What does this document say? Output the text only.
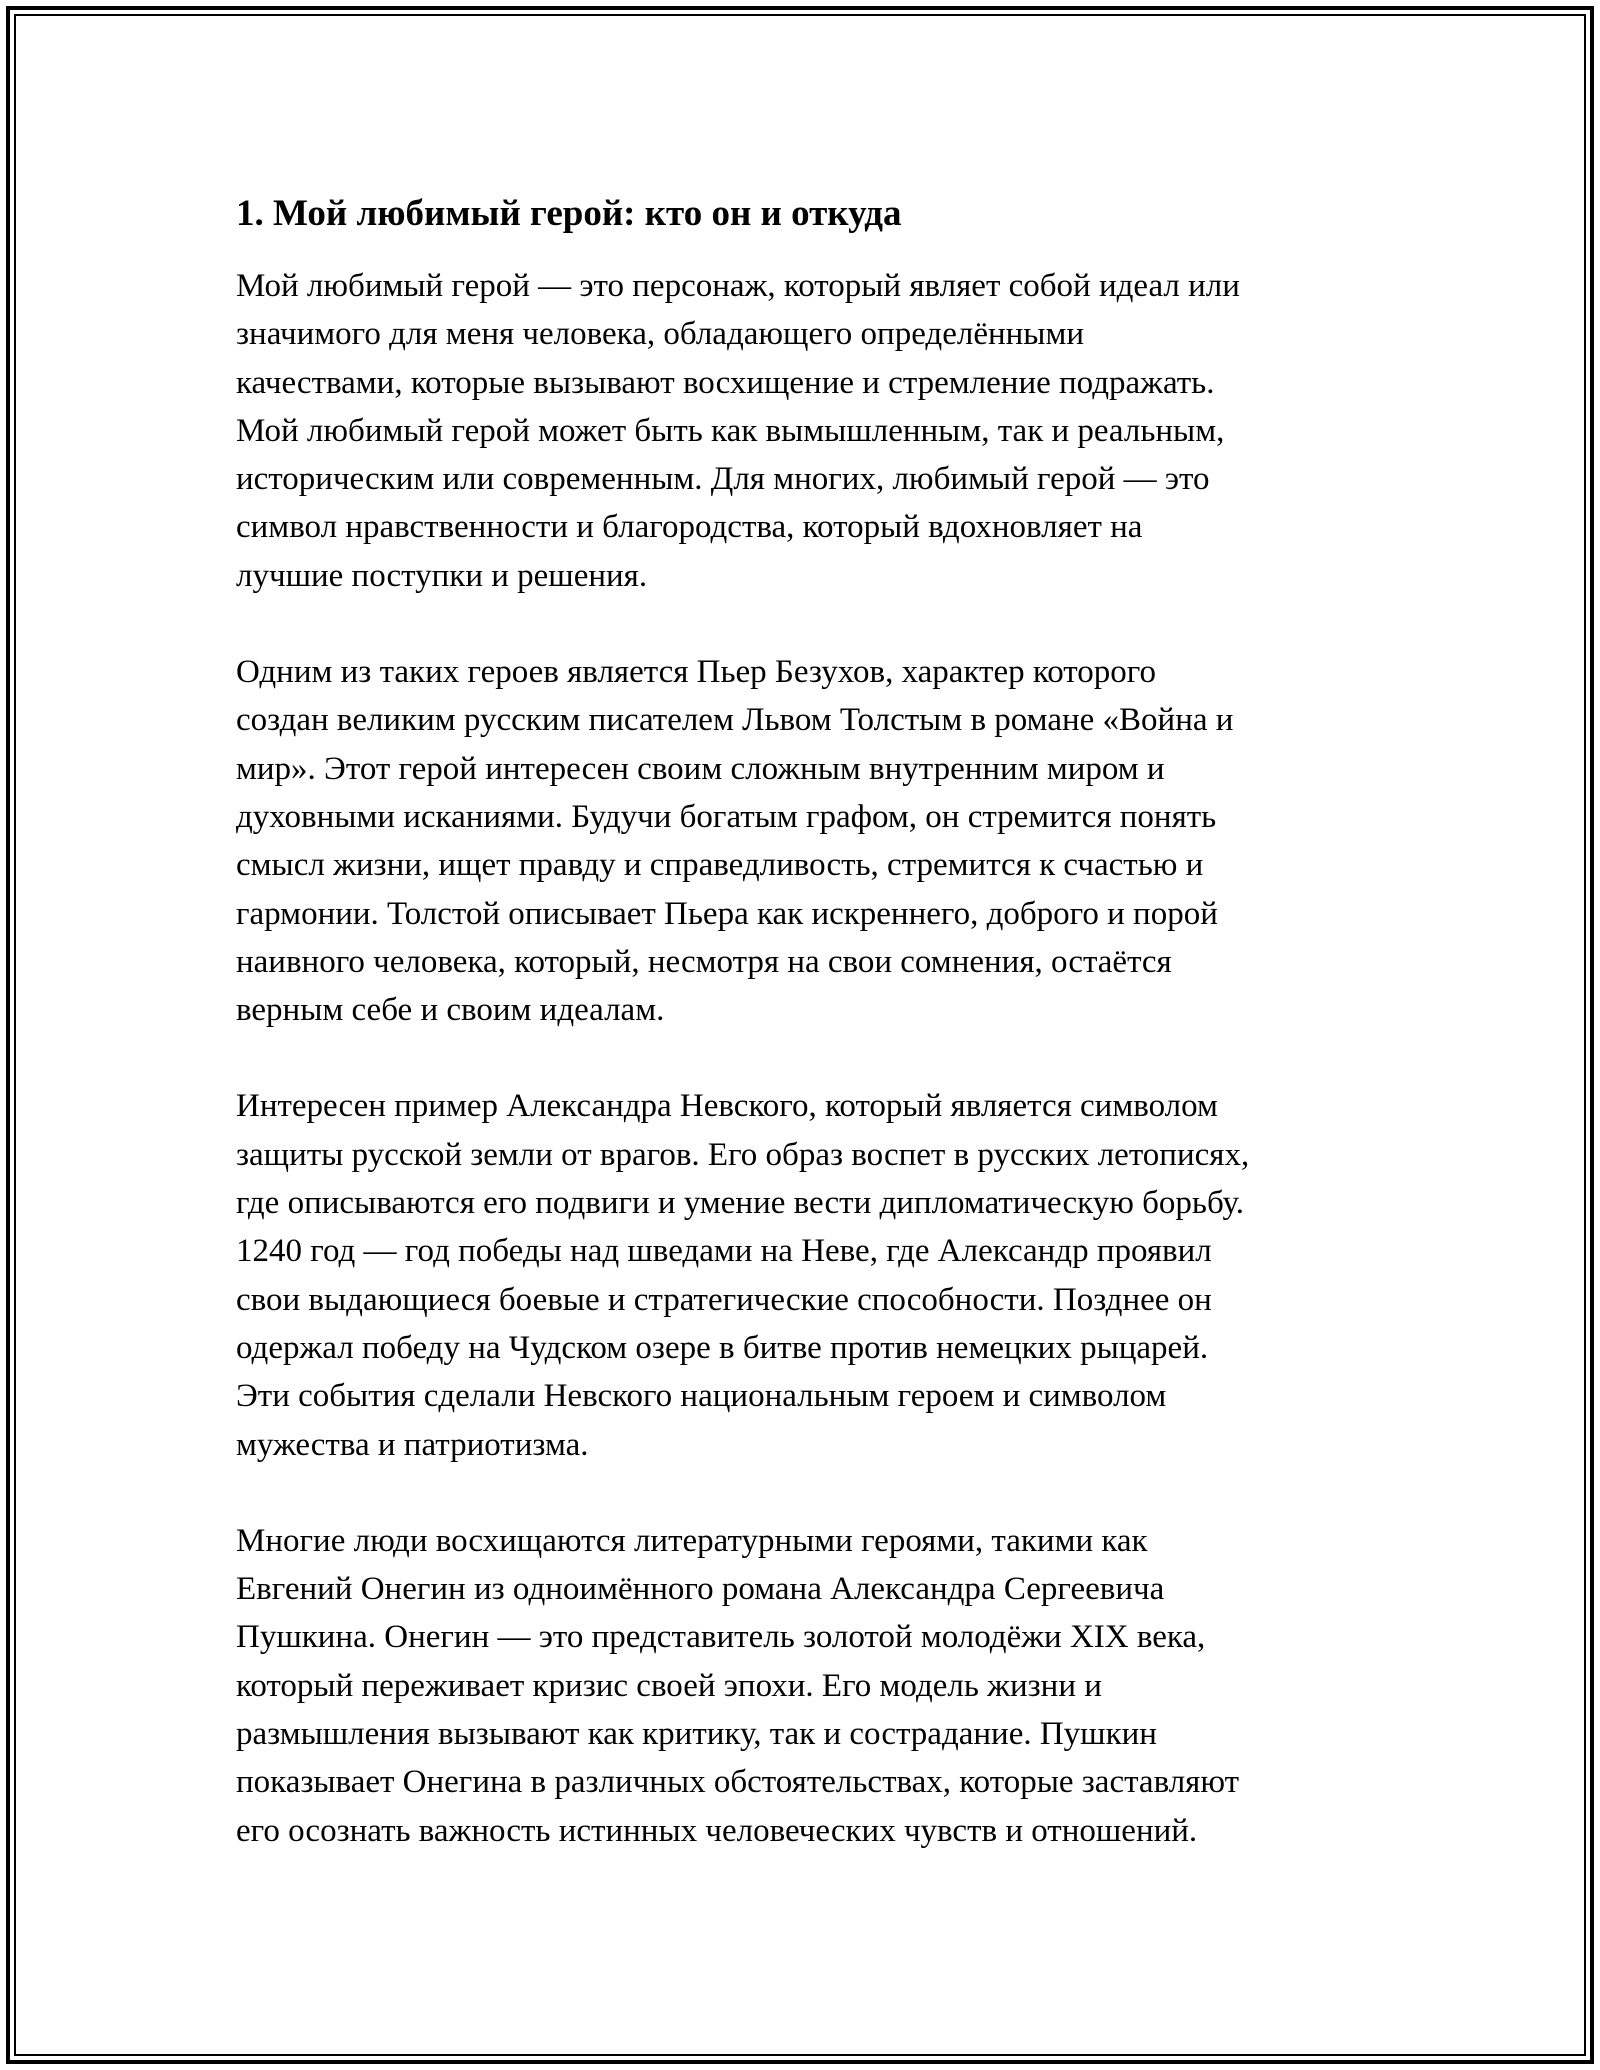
1. Мой любимый герой: кто он и откуда

Мой любимый герой — это персонаж, который являет собой идеал или
значимого для меня человека, обладающего определёнными
качествами, которые вызывают восхищение и стремление подражать.
Мой любимый герой может быть как вымышленным, так и реальным,
историческим или современным. Для многих, любимый герой — это
символ нравственности и благородства, который вдохновляет на
лучшие поступки и решения.

Одним из таких героев является Пьер Безухов, характер которого
создан великим русским писателем Львом Толстым в романе «Война и
мир». Этот герой интересен своим сложным внутренним миром и
духовными исканиями. Будучи богатым графом, он стремится понять
смысл жизни, ищет правду и справедливость, стремится к счастью и
гармонии. Толстой описывает Пьера как искреннего, доброго и порой
наивного человека, который, несмотря на свои сомнения, остаётся
верным себе и своим идеалам.

Интересен пример Александра Невского, который является символом
защиты русской земли от врагов. Его образ воспет в русских летописях,
где описываются его подвиги и умение вести дипломатическую борьбу.
1240 год — год победы над шведами на Неве, где Александр проявил
свои выдающиеся боевые и стратегические способности. Позднее он
одержал победу на Чудском озере в битве против немецких рыцарей.
Эти события сделали Невского национальным героем и символом
мужества и патриотизма.

Многие люди восхищаются литературными героями, такими как
Евгений Онегин из одноимённого романа Александра Сергеевича
Пушкина. Онегин — это представитель золотой молодёжи XIX века,
который переживает кризис своей эпохи. Его модель жизни и
размышления вызывают как критику, так и сострадание. Пушкин
показывает Онегина в различных обстоятельствах, которые заставляют
его осознать важность истинных человеческих чувств и отношений.
